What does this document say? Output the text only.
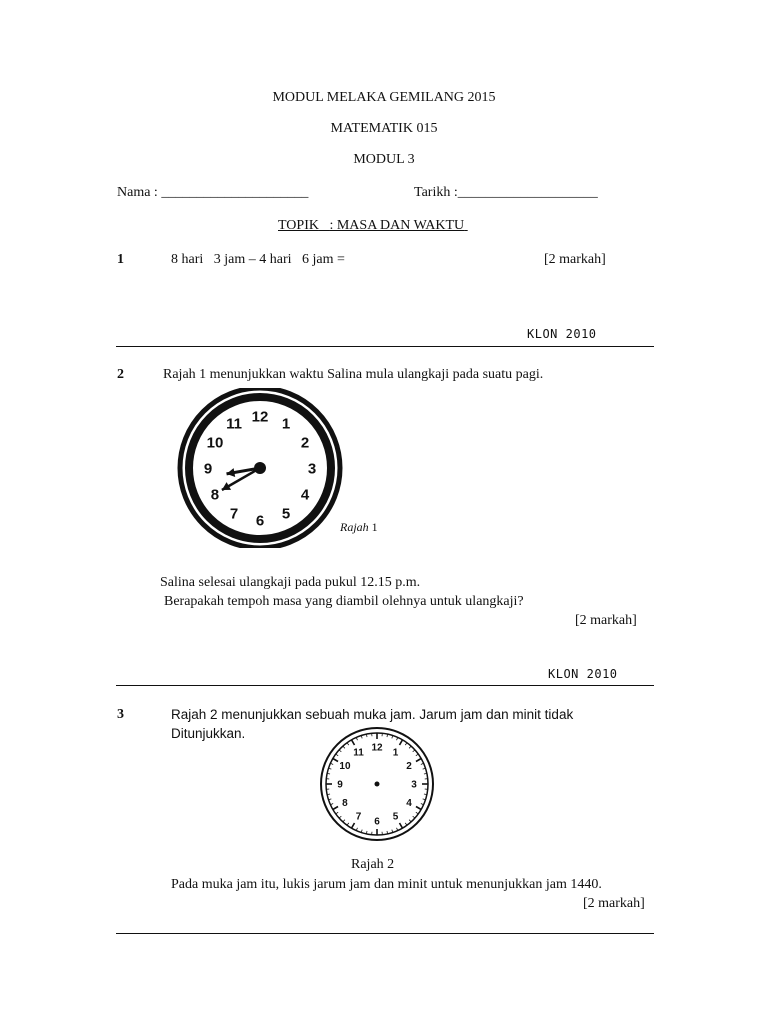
MODUL MELAKA GEMILANG 2015
MATEMATIK 015
MODUL 3
Nama : _____________________	Tarikh :____________________
TOPIK : MASA DAN WAKTU
1	8 hari   3 jam – 4 hari   6 jam =	[2 markah]
KLON 2010
2	Rajah 1 menunjukkan waktu Salina mula ulangkaji pada suatu pagi.
12 1
2
3
4
5
6
7
8
9
10
11
Rajah 1
Salina selesai ulangkaji pada pukul 12.15 p.m.
Berapakah tempoh masa yang diambil olehnya untuk ulangkaji?
[2 markah]
KLON 2010
3	Rajah 2 menunjukkan sebuah muka jam. Jarum jam dan minit tidak
Ditunjukkan.
12 1
2
3
4
5
6
7
8
9
10
11
Rajah 2
Pada muka jam itu, lukis jarum jam dan minit untuk menunjukkan jam 1440.
[2 markah]
